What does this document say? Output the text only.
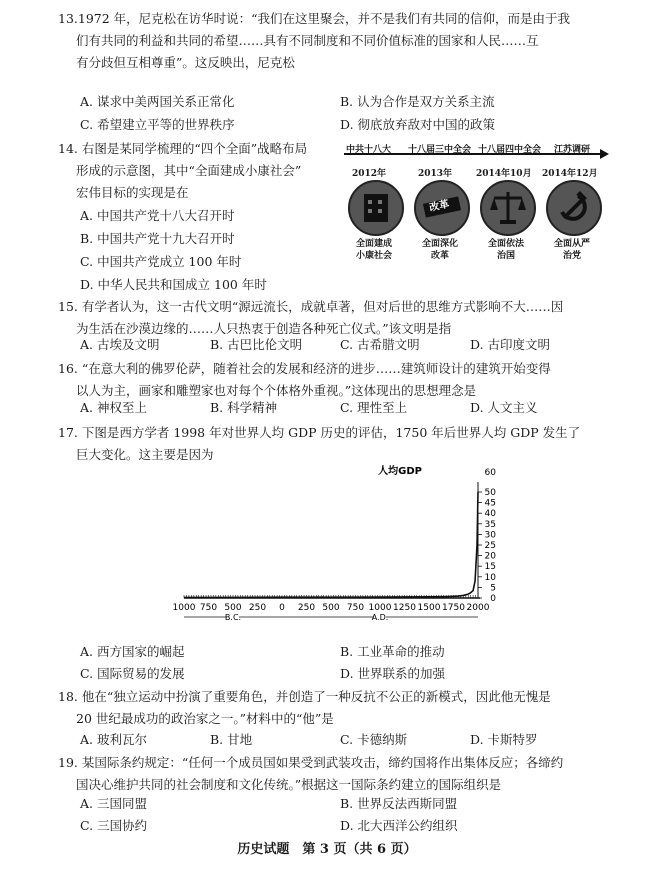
13.1972 年，尼克松在访华时说：“我们在这里聚会，并不是我们有共同的信仰，而是由于我
们有共同的利益和共同的希望……具有不同制度和不同价值标准的国家和人民……互
有分歧但互相尊重”。这反映出，尼克松
A. 谋求中美两国关系正常化	B. 认为合作是双方关系主流
C. 希望建立平等的世界秩序	D. 彻底放弃敌对中国的政策
14. 右图是某同学梳理的“四个全面”战略布局
形成的示意图，其中“全面建成小康社会”
宏伟目标的实现是在
A. 中国共产党十八大召开时
B. 中国共产党十九大召开时
C. 中国共产党成立 100 年时
D. 中华人民共和国成立 100 年时
中共十八大 十八届三中全会 十八届四中全会 江苏调研
2012年	2013年	2014年10月 2014年12月
改革
全面建成
小康社会
全面深化
改革
全面依法
治国
全面从严
治党
15. 有学者认为，这一古代文明“源远流长，成就卓著，但对后世的思维方式影响不大……因
为生活在沙漠边缘的……人只热衷于创造各种死亡仪式。”该文明是指
A. 古埃及文明	B. 古巴比伦文明	C. 古希腊文明	D. 古印度文明
16. “在意大利的佛罗伦萨，随着社会的发展和经济的进步……建筑师设计的建筑开始变得
以人为主，画家和雕塑家也对每个个体格外重视。”这体现出的思想理念是
A. 神权至上	B. 科学精神	C. 理性至上	D. 人文主义
17. 下图是西方学者 1998 年对世界人均 GDP 历史的评估，1750 年后世界人均 GDP 发生了
巨大变化。这主要是因为
人均GDP
1000 750 500 250 0 250 500 750 1000 1250 1500 1750 2000
B.C.	A.D.
0
5
10
15
20
25
30
35
40
45
50
60
A. 西方国家的崛起	B. 工业革命的推动
C. 国际贸易的发展	D. 世界联系的加强
18. 他在“独立运动中扮演了重要角色，并创造了一种反抗不公正的新模式，因此他无愧是
20 世纪最成功的政治家之一。”材料中的“他”是
A. 玻利瓦尔	B. 甘地	C. 卡德纳斯	D. 卡斯特罗
19. 某国际条约规定：“任何一个成员国如果受到武装攻击，缔约国将作出集体反应；各缔约
国决心维护共同的社会制度和文化传统。”根据这一国际条约建立的国际组织是
A. 三国同盟	B. 世界反法西斯同盟
C. 三国协约	D. 北大西洋公约组织
历史试题　第 3 页（共 6 页）
